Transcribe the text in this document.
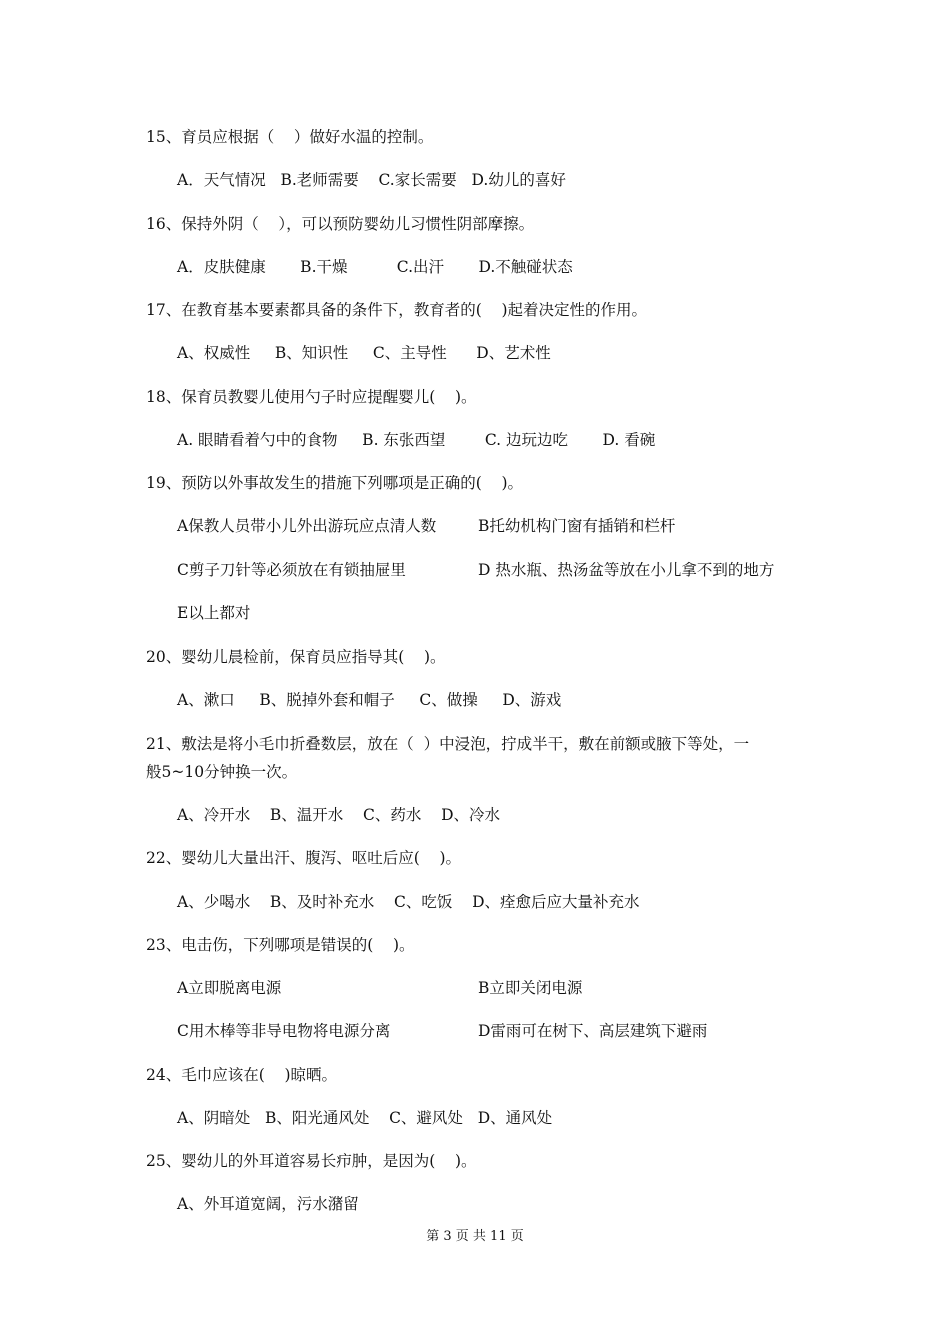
15、育员应根据（    ）做好水温的控制。
A．天气情况   B.老师需要    C.家长需要   D.幼儿的喜好
16、保持外阴（    ），可以预防婴幼儿习惯性阴部摩擦。
A．皮肤健康       B.干燥          C.出汗       D.不触碰状态
17、在教育基本要素都具备的条件下，教育者的(    )起着决定性的作用。
A、权威性     B、知识性     C、主导性      D、艺术性
18、保育员教婴儿使用勺子时应提醒婴儿(    )。
A. 眼睛看着勺中的食物     B. 东张西望        C. 边玩边吃       D. 看碗
19、预防以外事故发生的措施下列哪项是正确的(    )。
A保教人员带小儿外出游玩应点清人数	B托幼机构门窗有插销和栏杆
C剪子刀针等必须放在有锁抽屉里	D 热水瓶、热汤盆等放在小儿拿不到的地方
E以上都对
20、婴幼儿晨检前，保育员应指导其(    )。
A、漱口     B、脱掉外套和帽子     C、做操     D、游戏
21、敷法是将小毛巾折叠数层，放在（  ）中浸泡，拧成半干，敷在前额或腋下等处，一
般5~10分钟换一次。
A、冷开水    B、温开水    C、药水    D、冷水
22、婴幼儿大量出汗、腹泻、呕吐后应(    )。
A、少喝水    B、及时补充水    C、吃饭    D、痊愈后应大量补充水
23、电击伤，下列哪项是错误的(    )。
A立即脱离电源	B立即关闭电源
C用木棒等非导电物将电源分离	D雷雨可在树下、高层建筑下避雨
24、毛巾应该在(    )晾晒。
A、阴暗处   B、阳光通风处    C、避风处   D、通风处
25、婴幼儿的外耳道容易长疖肿，是因为(    )。
A、外耳道宽阔，污水潴留
第 3 页 共 11 页
